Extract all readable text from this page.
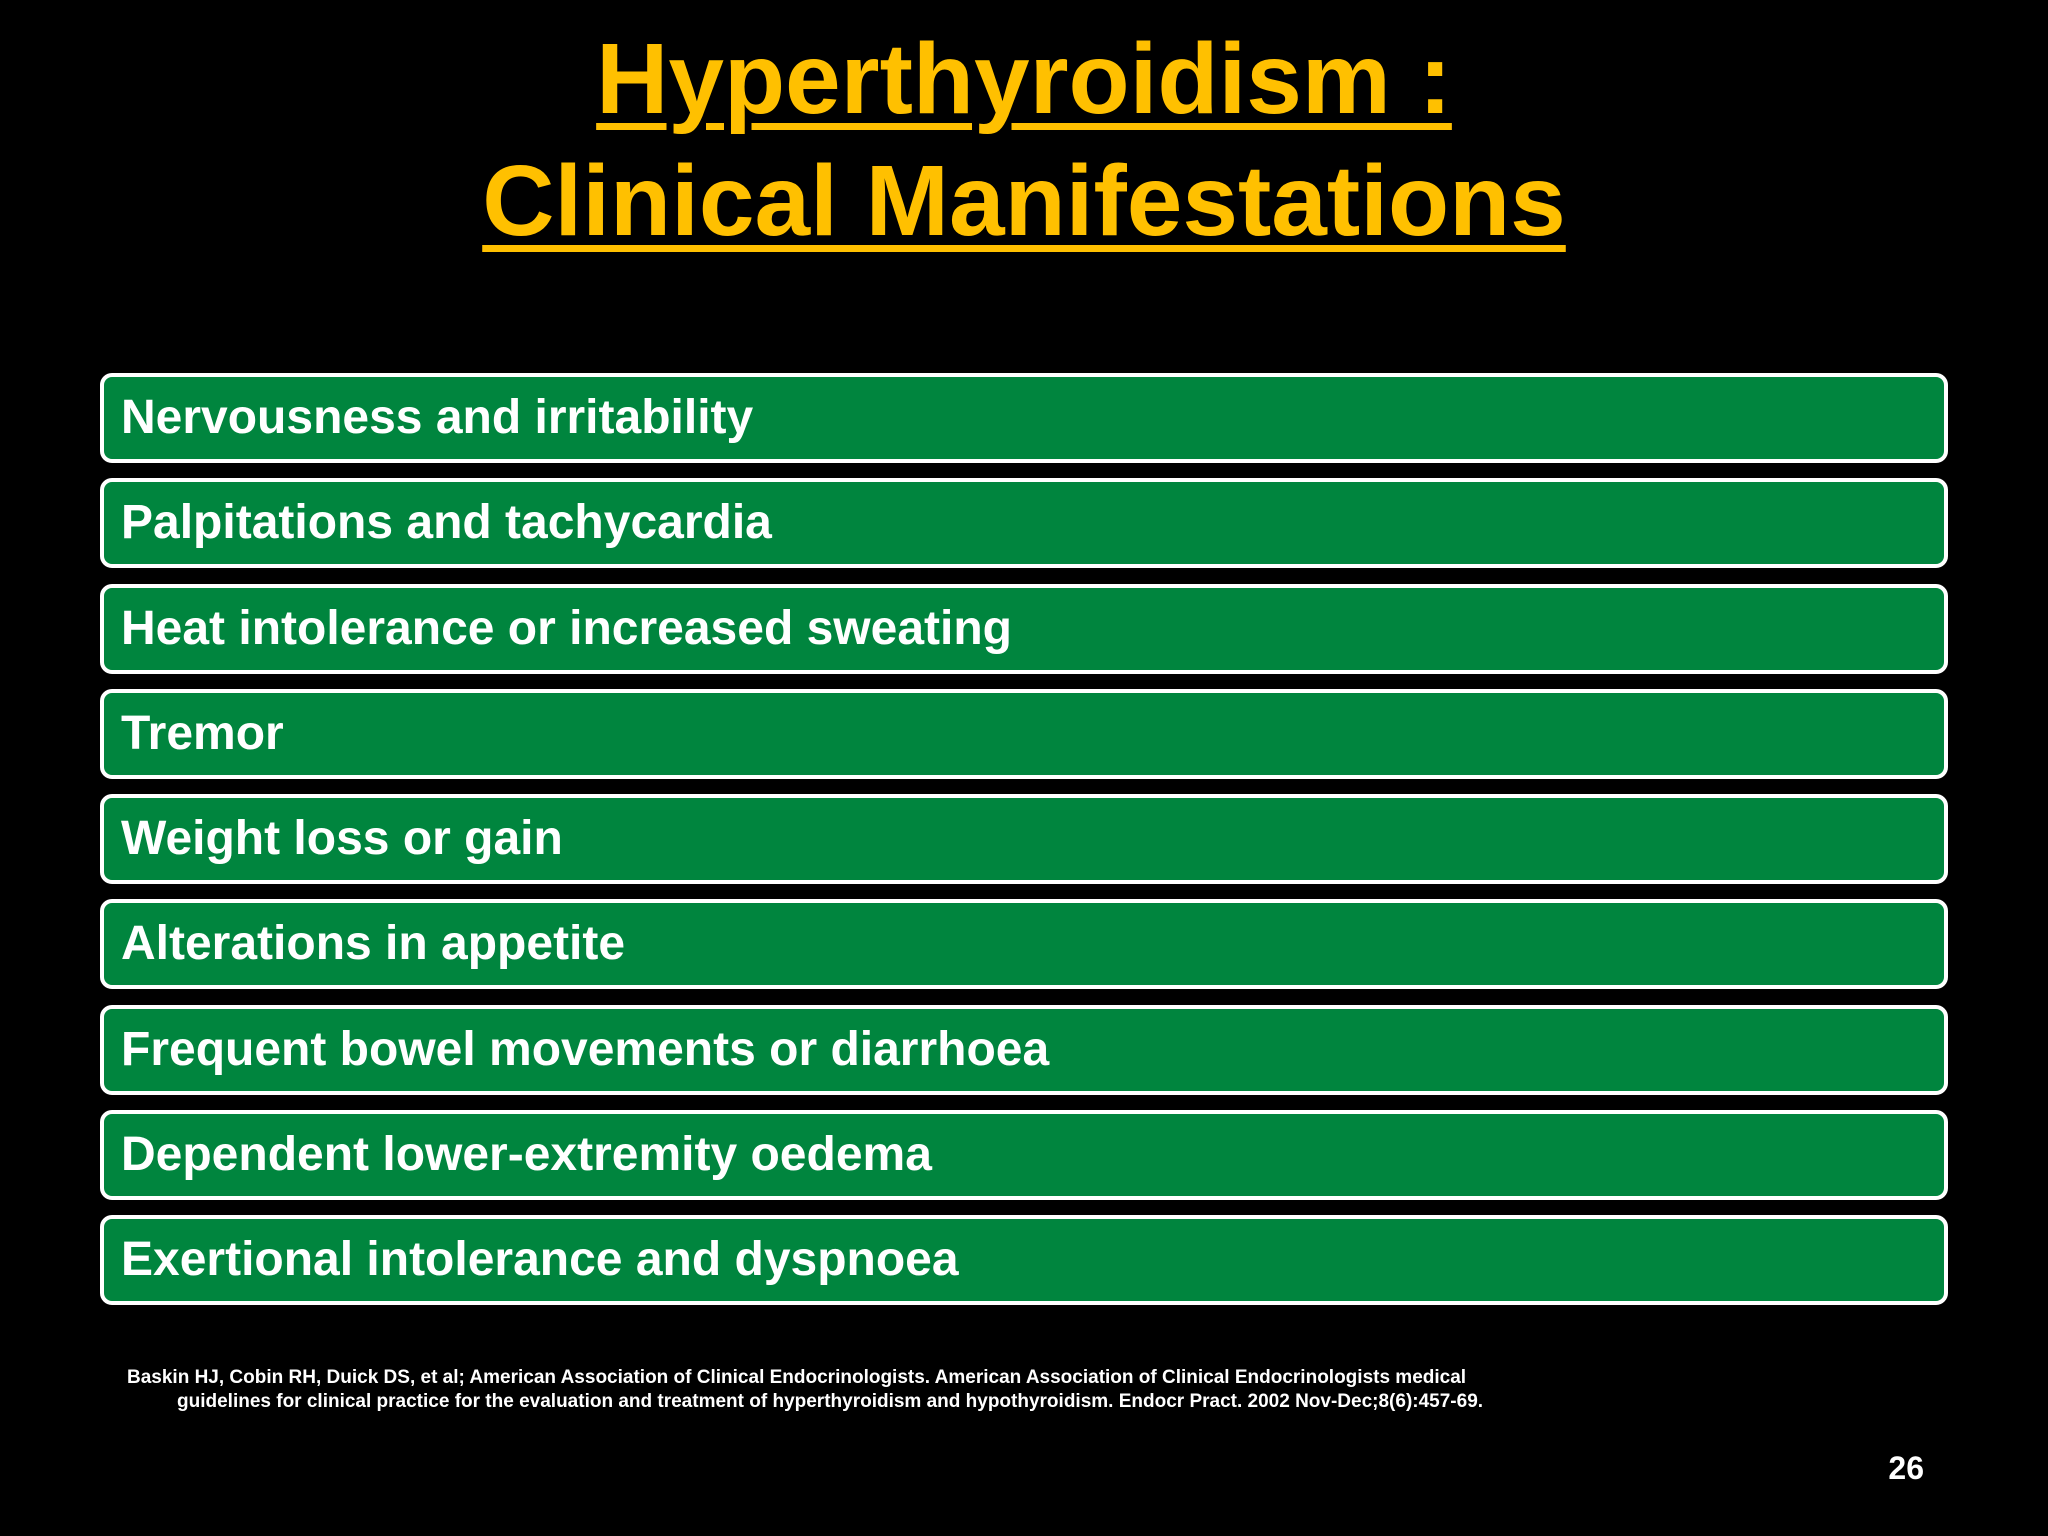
Hyperthyroidism :
Clinical Manifestations
Nervousness and irritability
Palpitations and tachycardia
Heat intolerance or increased sweating
Tremor
Weight loss or gain
Alterations in appetite
Frequent bowel movements or diarrhoea
Dependent lower-extremity oedema
Exertional intolerance and dyspnoea
Baskin HJ, Cobin RH, Duick DS, et al; American Association of Clinical Endocrinologists. American Association of Clinical Endocrinologists medical
guidelines for clinical practice for the evaluation and treatment of hyperthyroidism and hypothyroidism. Endocr Pract. 2002 Nov-Dec;8(6):457-69.
26
